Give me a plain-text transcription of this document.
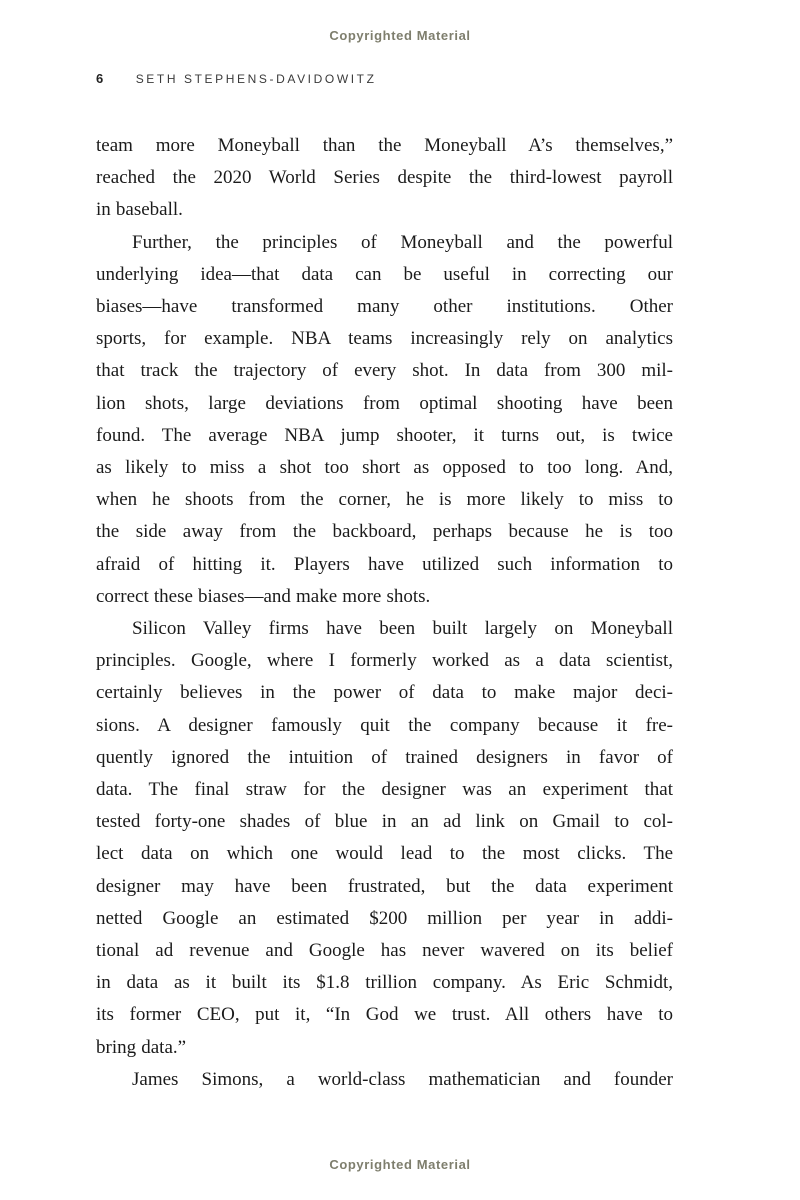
Copyrighted Material
6	SETH STEPHENS-DAVIDOWITZ
team more Moneyball than the Moneyball A’s themselves,”
reached the 2020 World Series despite the third-lowest payroll
in baseball.
Further, the principles of Moneyball and the powerful
underlying idea—that data can be useful in correcting our
biases—have transformed many other institutions. Other
sports, for example. NBA teams increasingly rely on analytics
that track the trajectory of every shot. In data from 300 mil-
lion shots, large deviations from optimal shooting have been
found. The average NBA jump shooter, it turns out, is twice
as likely to miss a shot too short as opposed to too long. And,
when he shoots from the corner, he is more likely to miss to
the side away from the backboard, perhaps because he is too
afraid of hitting it. Players have utilized such information to
correct these biases—and make more shots.
Silicon Valley firms have been built largely on Moneyball
principles. Google, where I formerly worked as a data scientist,
certainly believes in the power of data to make major deci-
sions. A designer famously quit the company because it fre-
quently ignored the intuition of trained designers in favor of
data. The final straw for the designer was an experiment that
tested forty-one shades of blue in an ad link on Gmail to col-
lect data on which one would lead to the most clicks. The
designer may have been frustrated, but the data experiment
netted Google an estimated $200 million per year in addi-
tional ad revenue and Google has never wavered on its belief
in data as it built its $1.8 trillion company. As Eric Schmidt,
its former CEO, put it, “In God we trust. All others have to
bring data.”
James Simons, a world-class mathematician and founder
Copyrighted Material
